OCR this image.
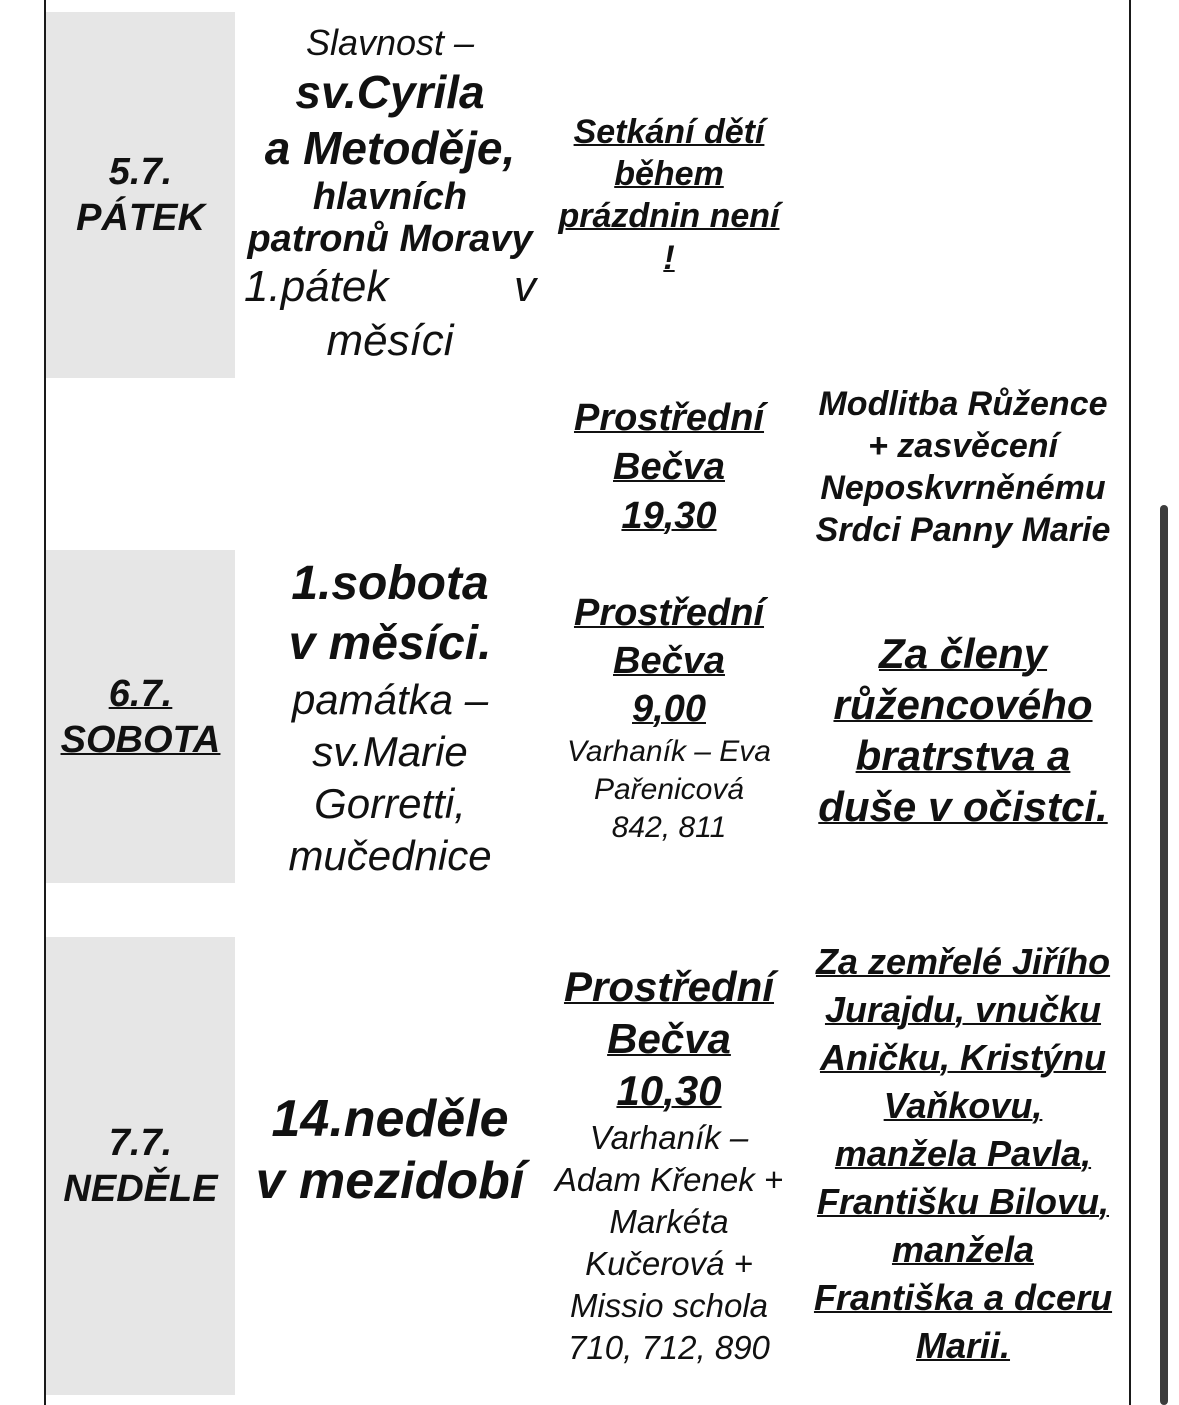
5.7.
PÁTEK
Slavnost –
sv.Cyrila
a Metoděje,
hlavních
patronů Moravy
1.pátek	v
měsíci
Setkání dětí
během
prázdnin není
!
Prostřední
Bečva
19,30
Modlitba Růžence
+ zasvěcení
Neposkvrněnému
Srdci Panny Marie
6.7.
SOBOTA
1.sobota
v měsíci.
památka –
sv.Marie
Gorretti,
mučednice
Prostřední
Bečva
9,00
Varhaník – Eva
Pařenicová
842, 811
Za členy
růžencového
bratrstva a
duše v očistci.
7.7.
NEDĚLE
14.neděle
v mezidobí
Prostřední
Bečva
10,30
Varhaník –
Adam Křenek +
Markéta
Kučerová +
Missio schola
710, 712, 890
Za zemřelé Jiřího
Jurajdu, vnučku
Aničku, Kristýnu
Vaňkovu,
manžela Pavla,
Františku Bilovu,
manžela
Františka a dceru
Marii.
